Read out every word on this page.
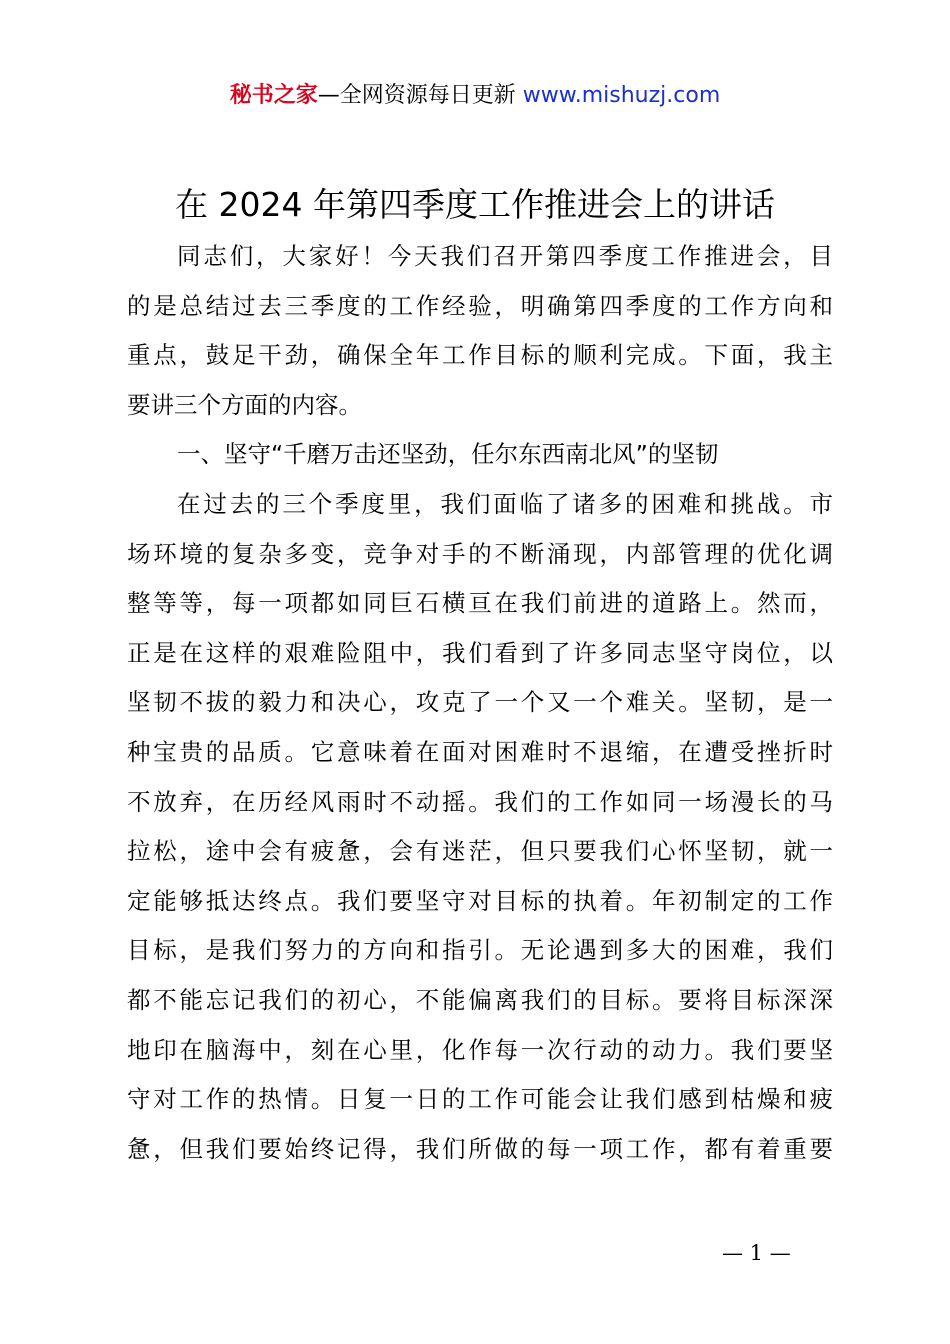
秘书之家—全网资源每日更新 www.mishuzj.com
在 2024 年第四季度工作推进会上的讲话
同志们，大家好！今天我们召开第四季度工作推进会，目
的是总结过去三季度的工作经验，明确第四季度的工作方向和
重点，鼓足干劲，确保全年工作目标的顺利完成。下面，我主
要讲三个方面的内容。
一、坚守“千磨万击还坚劲，任尔东西南北风”的坚韧
在过去的三个季度里，我们面临了诸多的困难和挑战。市
场环境的复杂多变，竞争对手的不断涌现，内部管理的优化调
整等等，每一项都如同巨石横亘在我们前进的道路上。然而，
正是在这样的艰难险阻中，我们看到了许多同志坚守岗位，以
坚韧不拔的毅力和决心，攻克了一个又一个难关。坚韧，是一
种宝贵的品质。它意味着在面对困难时不退缩，在遭受挫折时
不放弃，在历经风雨时不动摇。我们的工作如同一场漫长的马
拉松，途中会有疲惫，会有迷茫，但只要我们心怀坚韧，就一
定能够抵达终点。我们要坚守对目标的执着。年初制定的工作
目标，是我们努力的方向和指引。无论遇到多大的困难，我们
都不能忘记我们的初心，不能偏离我们的目标。要将目标深深
地印在脑海中，刻在心里，化作每一次行动的动力。我们要坚
守对工作的热情。日复一日的工作可能会让我们感到枯燥和疲
惫，但我们要始终记得，我们所做的每一项工作，都有着重要
— 1 —
